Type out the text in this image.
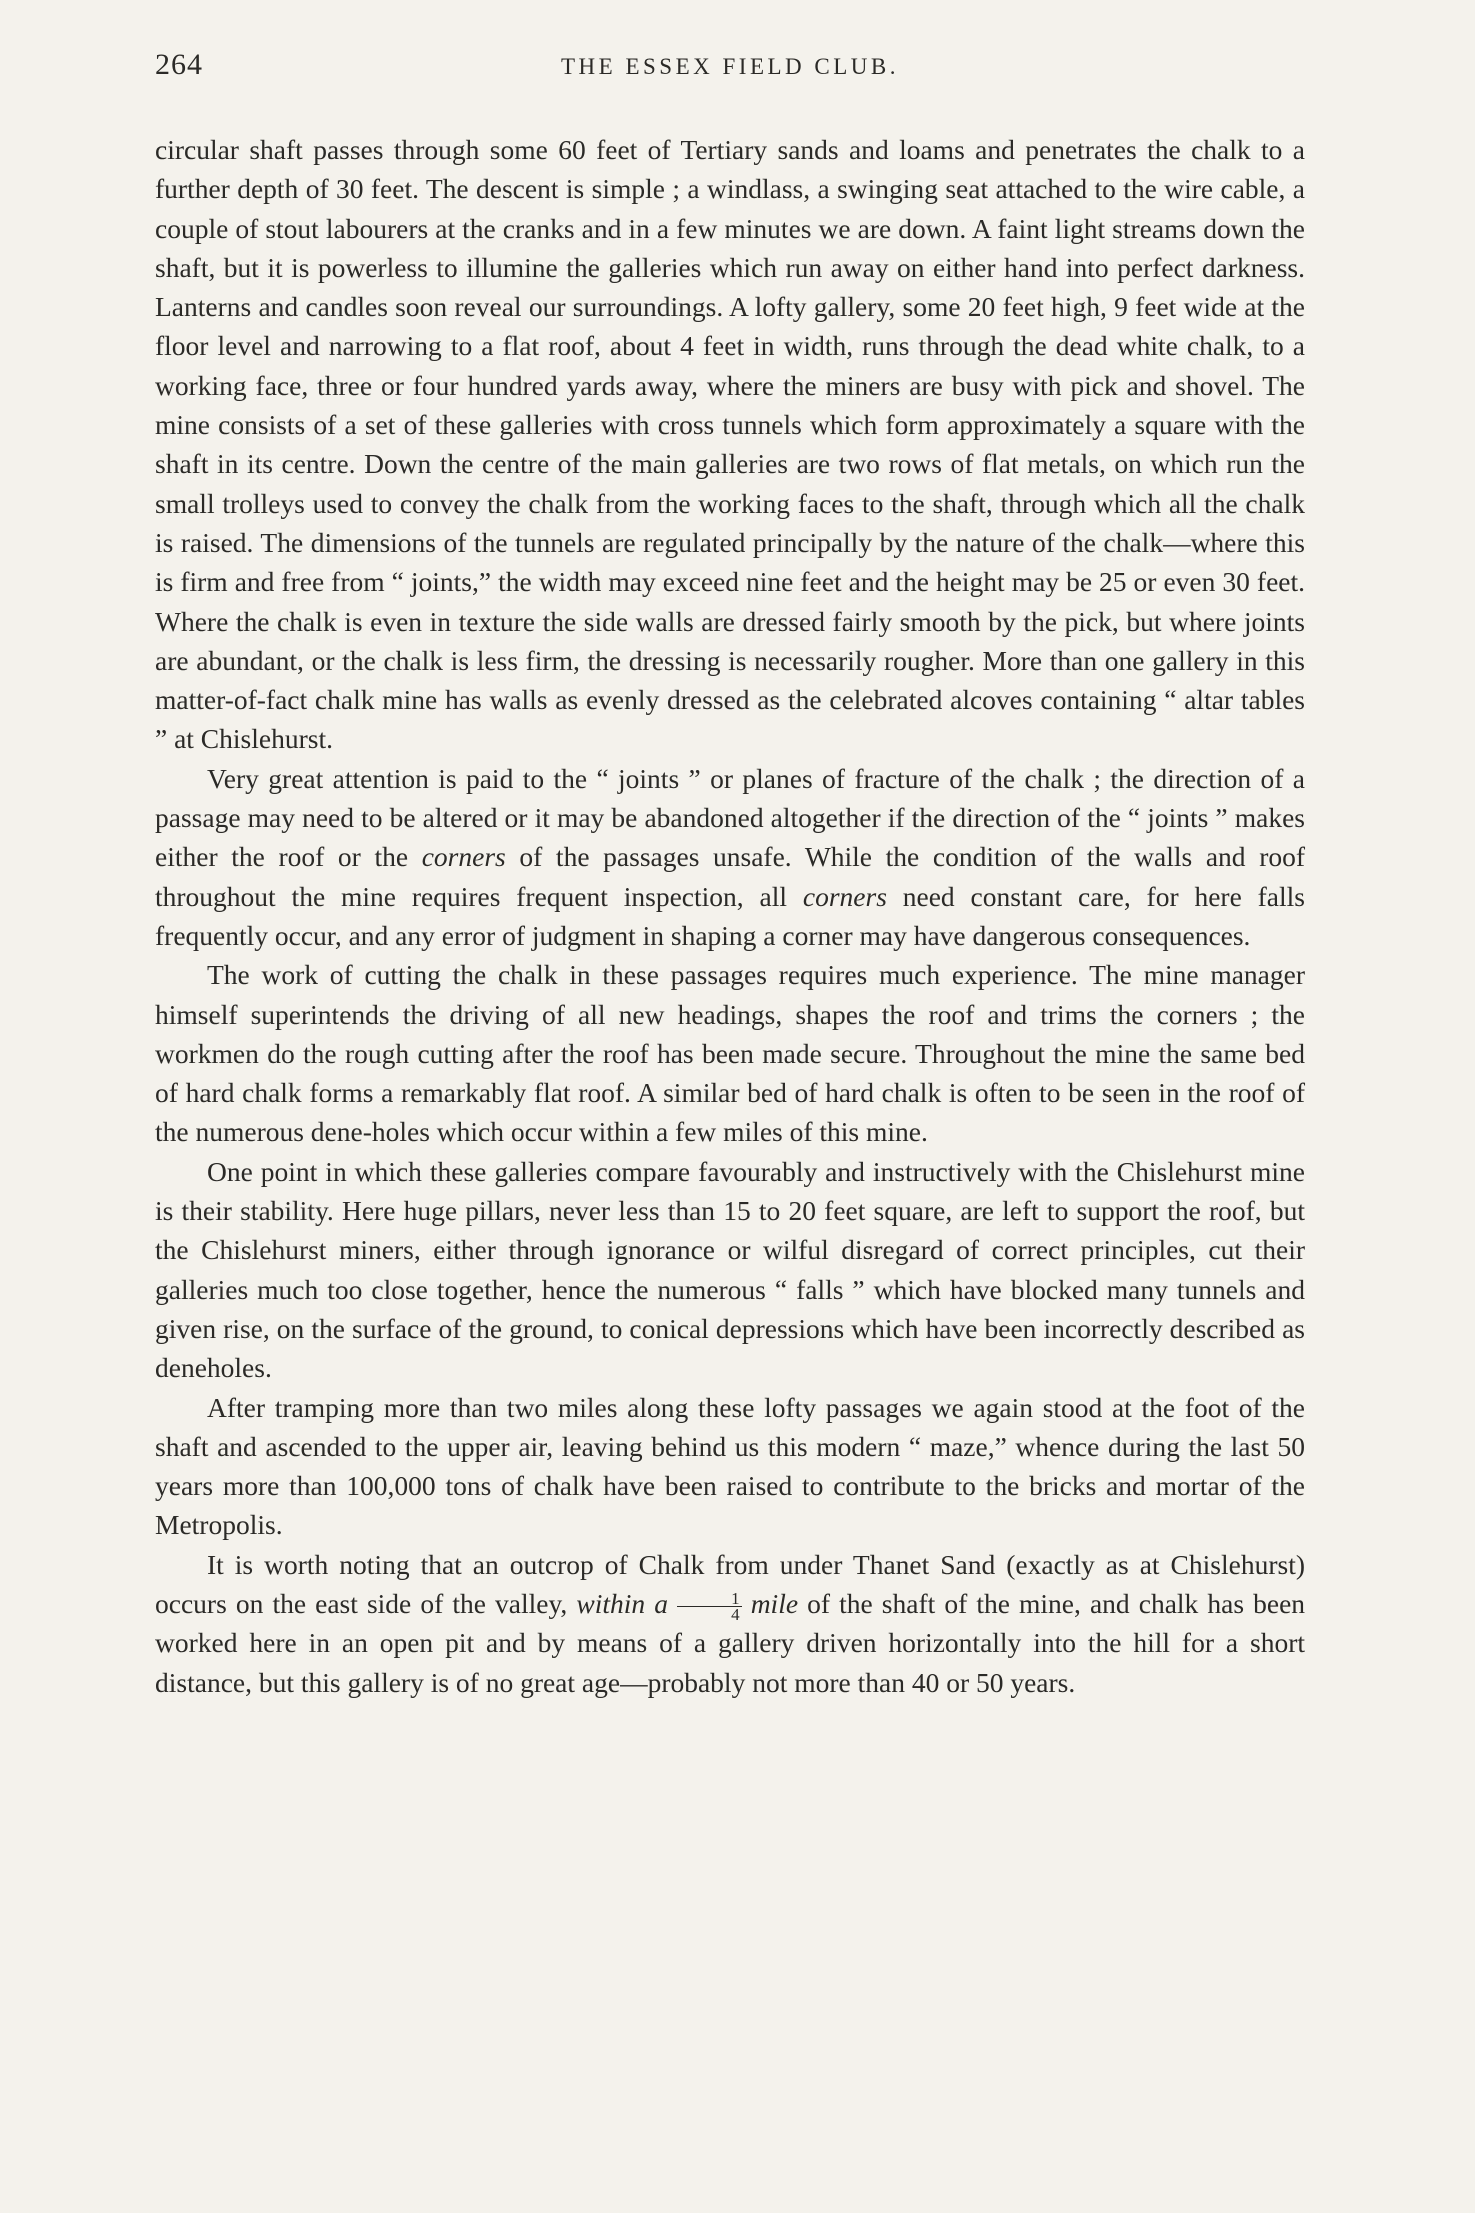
264	THE ESSEX FIELD CLUB.

circular shaft passes through some 60 feet of Tertiary sands and loams and penetrates the chalk to a further depth of 30 feet. The descent is simple ; a windlass, a swinging seat attached to the wire cable, a couple of stout labourers at the cranks and in a few minutes we are down. A faint light streams down the shaft, but it is powerless to illumine the galleries which run away on either hand into perfect darkness. Lanterns and candles soon reveal our surroundings. A lofty gallery, some 20 feet high, 9 feet wide at the floor level and narrowing to a flat roof, about 4 feet in width, runs through the dead white chalk, to a working face, three or four hundred yards away, where the miners are busy with pick and shovel. The mine consists of a set of these galleries with cross tunnels which form approximately a square with the shaft in its centre. Down the centre of the main galleries are two rows of flat metals, on which run the small trolleys used to convey the chalk from the working faces to the shaft, through which all the chalk is raised. The dimensions of the tunnels are regulated principally by the nature of the chalk—where this is firm and free from “ joints,” the width may exceed nine feet and the height may be 25 or even 30 feet. Where the chalk is even in texture the side walls are dressed fairly smooth by the pick, but where joints are abundant, or the chalk is less firm, the dressing is necessarily rougher. More than one gallery in this matter-of-fact chalk mine has walls as evenly dressed as the celebrated alcoves containing “ altar tables ” at Chislehurst.

Very great attention is paid to the “ joints ” or planes of fracture of the chalk ; the direction of a passage may need to be altered or it may be abandoned altogether if the direction of the “ joints ” makes either the roof or the corners of the passages unsafe. While the condition of the walls and roof throughout the mine requires frequent inspection, all corners need constant care, for here falls frequently occur, and any error of judgment in shaping a corner may have dangerous consequences.

The work of cutting the chalk in these passages requires much experience. The mine manager himself superintends the driving of all new headings, shapes the roof and trims the corners ; the workmen do the rough cutting after the roof has been made secure. Throughout the mine the same bed of hard chalk forms a remarkably flat roof. A similar bed of hard chalk is often to be seen in the roof of the numerous dene-holes which occur within a few miles of this mine.

One point in which these galleries compare favourably and instructively with the Chislehurst mine is their stability. Here huge pillars, never less than 15 to 20 feet square, are left to support the roof, but the Chislehurst miners, either through ignorance or wilful disregard of correct principles, cut their galleries much too close together, hence the numerous “ falls ” which have blocked many tunnels and given rise, on the surface of the ground, to conical depressions which have been incorrectly described as deneholes.

After tramping more than two miles along these lofty passages we again stood at the foot of the shaft and ascended to the upper air, leaving behind us this modern “ maze,” whence during the last 50 years more than 100,000 tons of chalk have been raised to contribute to the bricks and mortar of the Metropolis.

It is worth noting that an outcrop of Chalk from under Thanet Sand (exactly as at Chislehurst) occurs on the east side of the valley, within a $\frac{1}{4}$ mile of the shaft of the mine, and chalk has been worked here in an open pit and by means of a gallery driven horizontally into the hill for a short distance, but this gallery is of no great age—probably not more than 40 or 50 years.
